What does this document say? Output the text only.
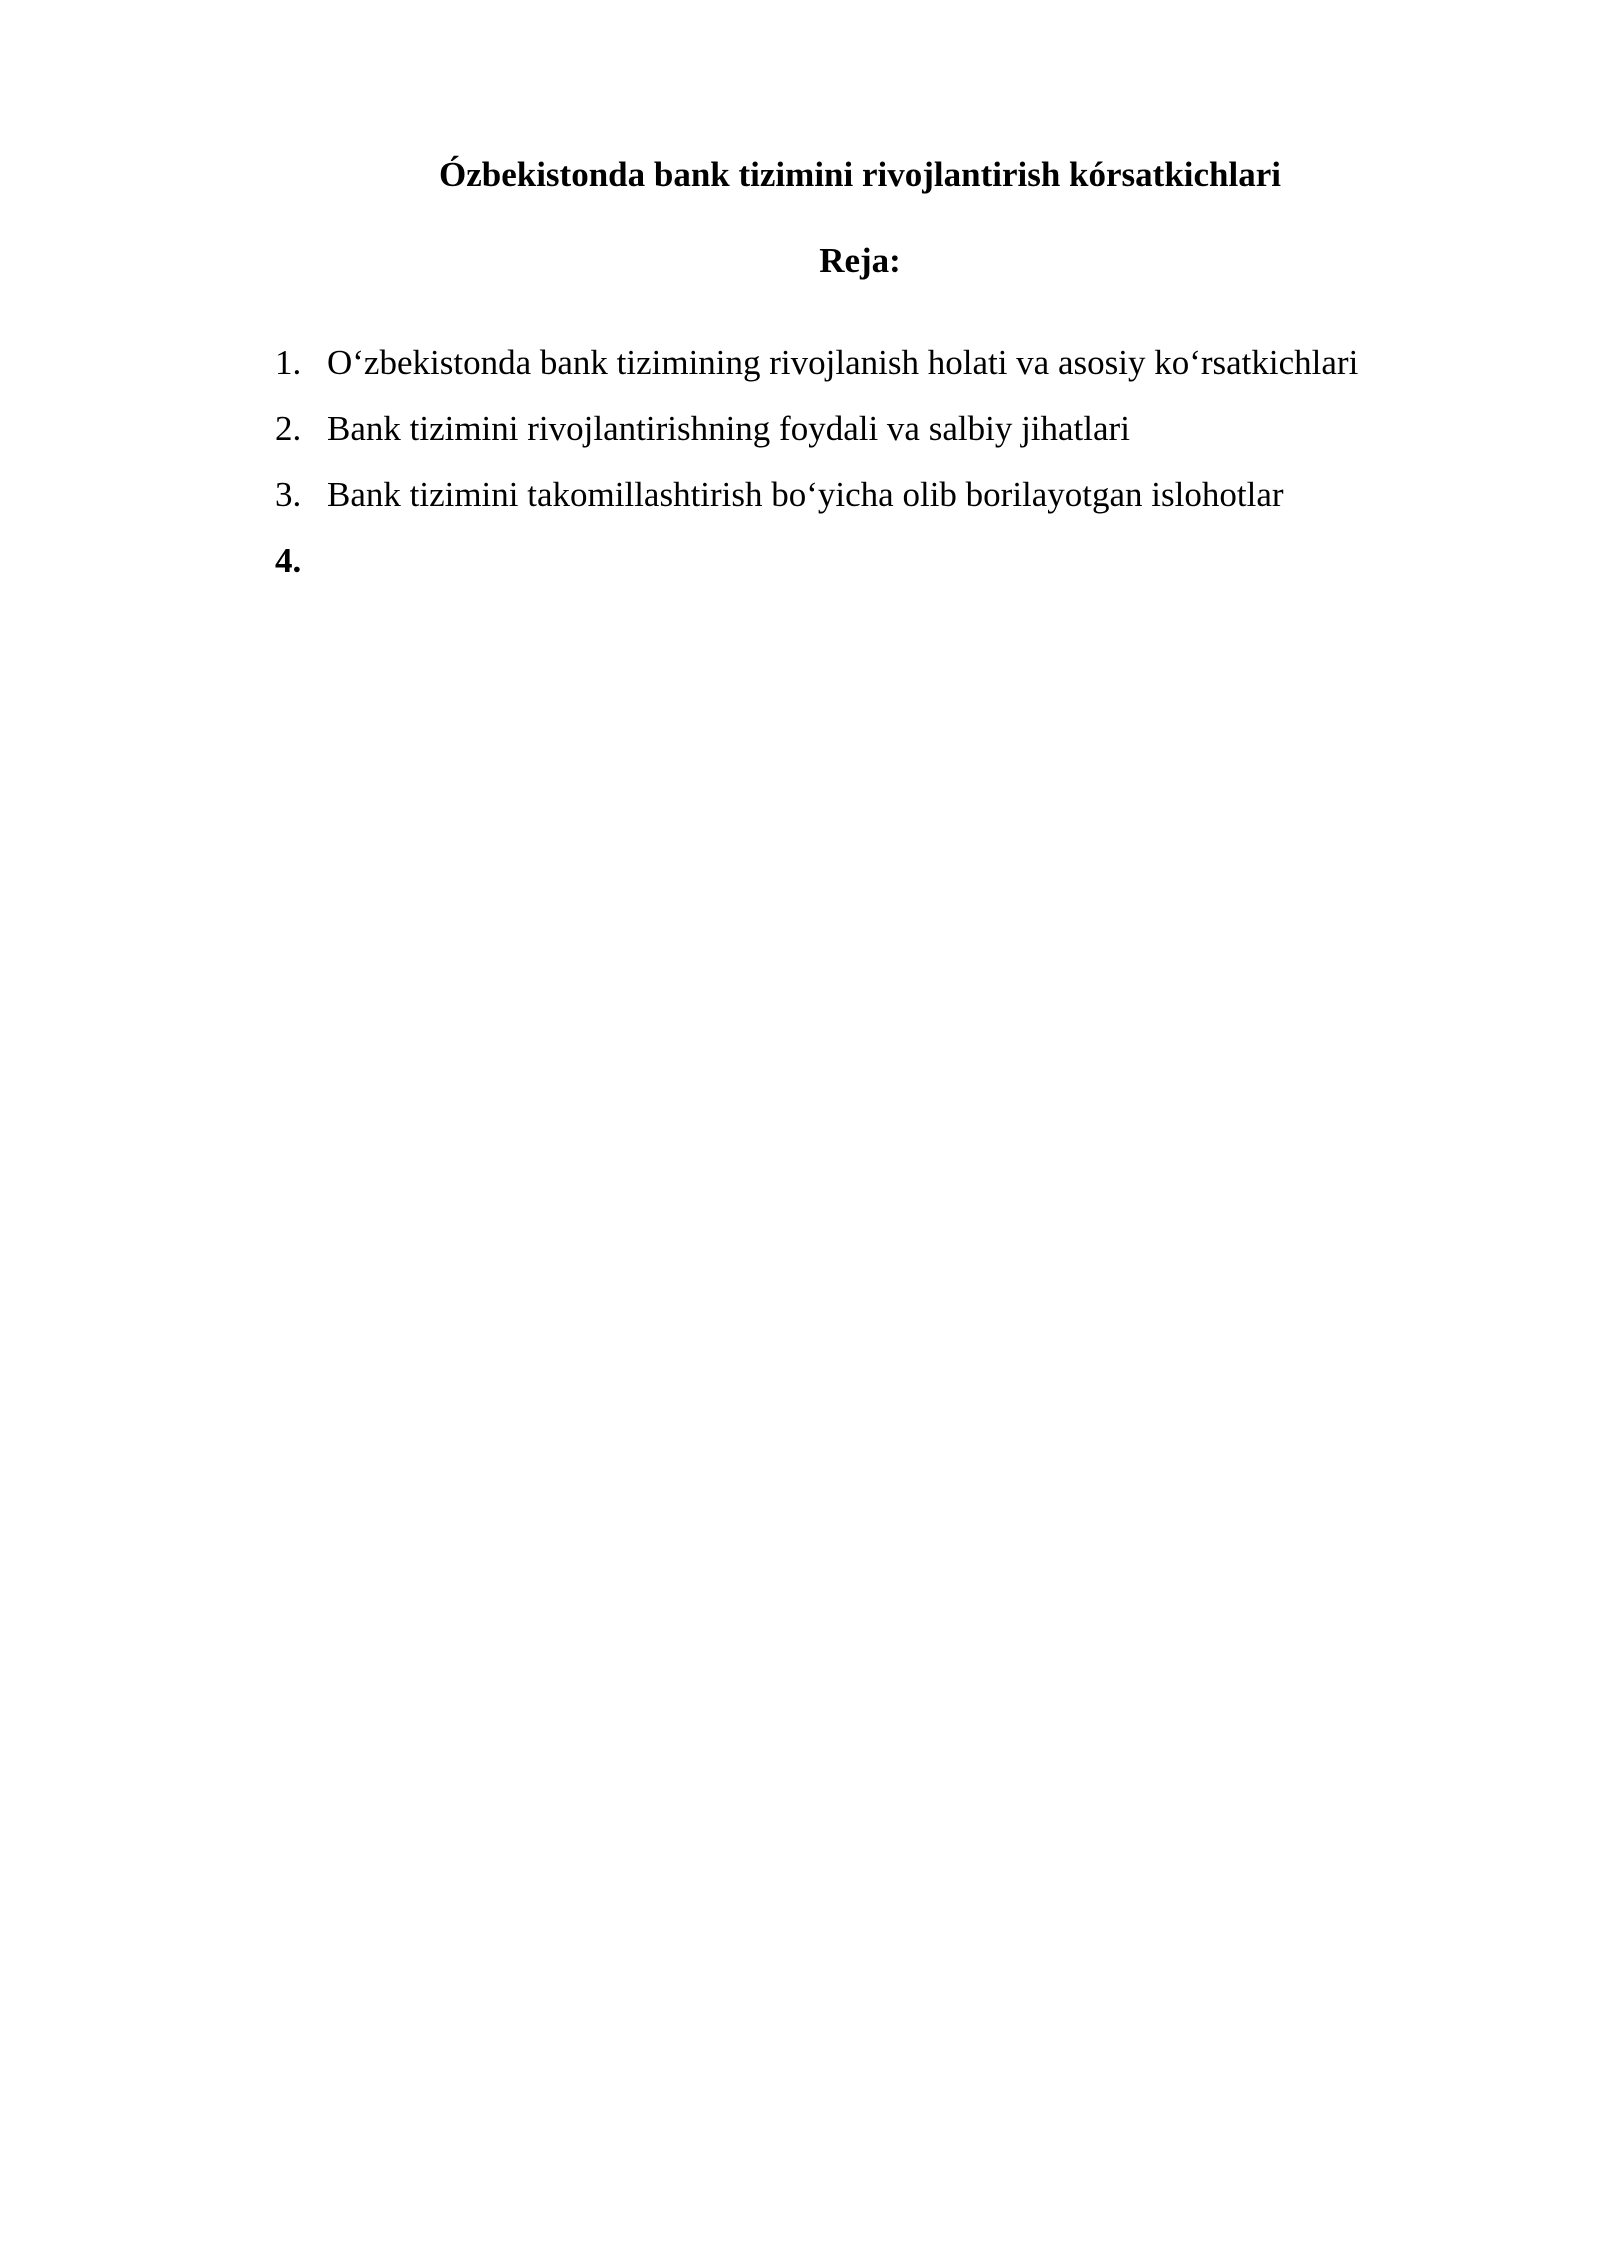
Ózbekistonda bank tizimini rivojlantirish kórsatkichlari
Reja:
1. O‘zbekistonda bank tizimining rivojlanish holati va asosiy ko‘rsatkichlari
2. Bank tizimini rivojlantirishning foydali va salbiy jihatlari
3. Bank tizimini takomillashtirish bo‘yicha olib borilayotgan islohotlar
4.
